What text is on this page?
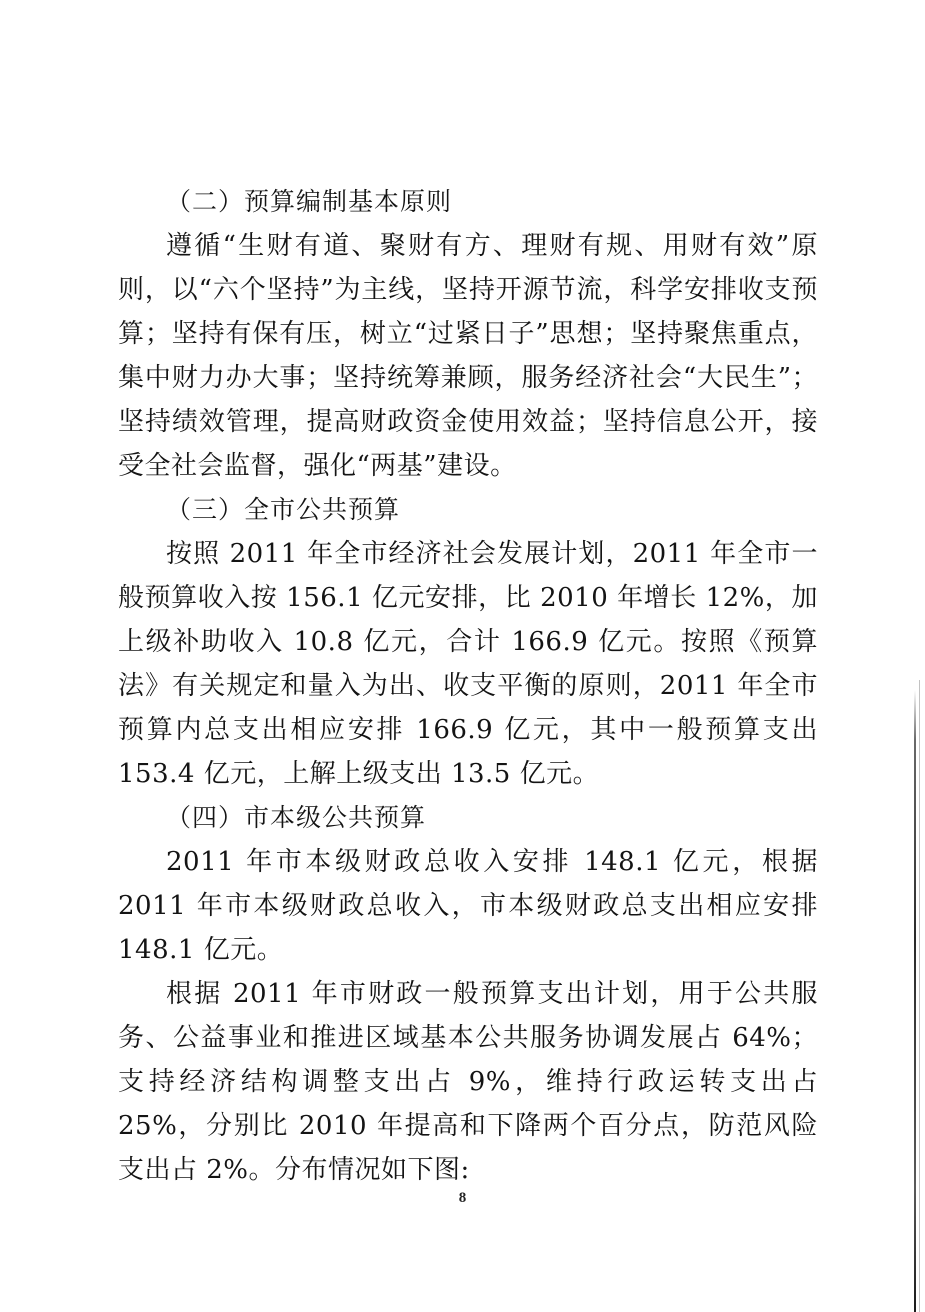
（二）预算编制基本原则

遵循“生财有道、聚财有方、理财有规、用财有效”原则，以“六个坚持”为主线，坚持开源节流，科学安排收支预算；坚持有保有压，树立“过紧日子”思想；坚持聚焦重点，集中财力办大事；坚持统筹兼顾，服务经济社会“大民生”；坚持绩效管理，提高财政资金使用效益；坚持信息公开，接受全社会监督，强化“两基”建设。

（三）全市公共预算

按照 2011 年全市经济社会发展计划，2011 年全市一般预算收入按 156.1 亿元安排，比 2010 年增长 12%，加上级补助收入 10.8 亿元，合计 166.9 亿元。按照《预算法》有关规定和量入为出、收支平衡的原则，2011 年全市预算内总支出相应安排 166.9 亿元，其中一般预算支出 153.4 亿元，上解上级支出 13.5 亿元。

（四）市本级公共预算

2011 年市本级财政总收入安排 148.1 亿元，根据 2011 年市本级财政总收入，市本级财政总支出相应安排 148.1 亿元。

根据 2011 年市财政一般预算支出计划，用于公共服务、公益事业和推进区域基本公共服务协调发展占 64%；支持经济结构调整支出占 9%，维持行政运转支出占 25%，分别比 2010 年提高和下降两个百分点，防范风险支出占 2%。分布情况如下图:

8
